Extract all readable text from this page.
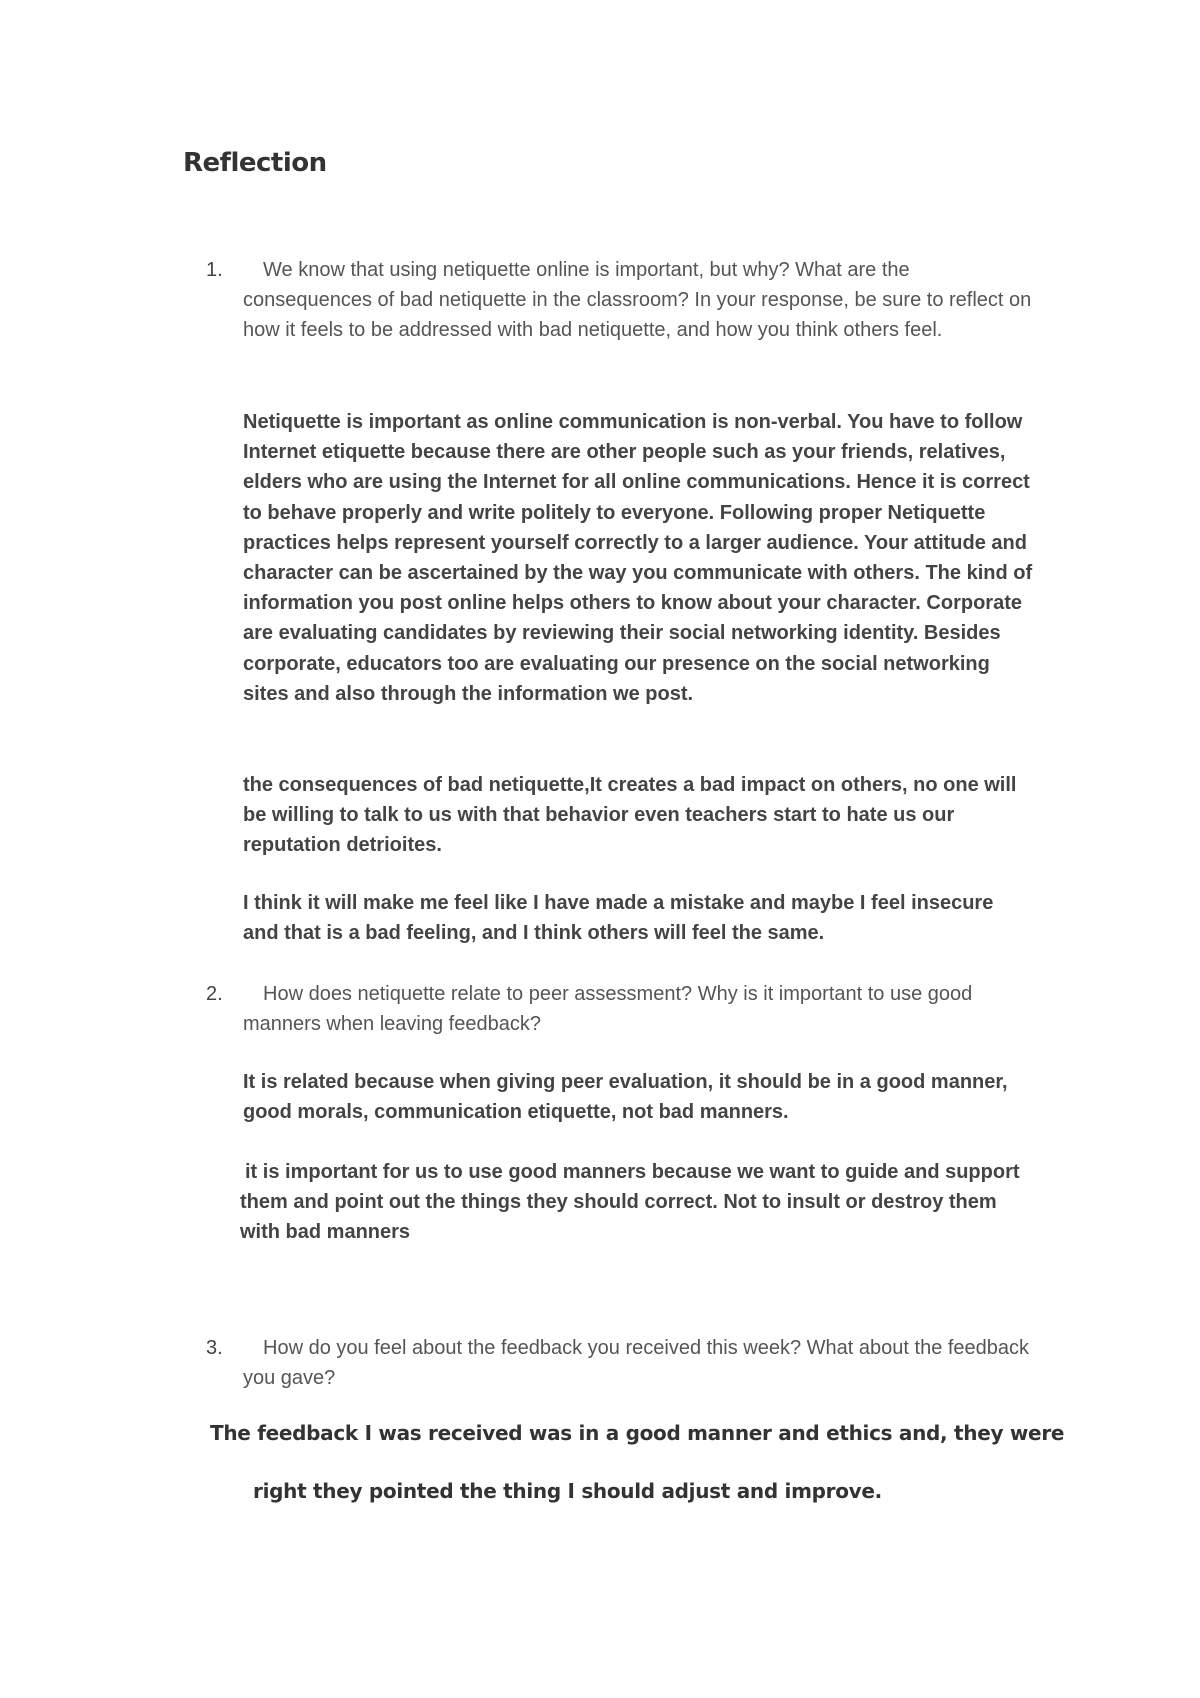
Reflection
1.	We know that using netiquette online is important, but why? What are the consequences of bad netiquette in the classroom? In your response, be sure to reflect on how it feels to be addressed with bad netiquette, and how you think others feel.

Netiquette is important as online communication is non-verbal. You have to follow Internet etiquette because there are other people such as your friends, relatives, elders who are using the Internet for all online communications. Hence it is correct to behave properly and write politely to everyone. Following proper Netiquette practices helps represent yourself correctly to a larger audience. Your attitude and character can be ascertained by the way you communicate with others. The kind of information you post online helps others to know about your character. Corporate are evaluating candidates by reviewing their social networking identity. Besides corporate, educators too are evaluating our presence on the social networking sites and also through the information we post.

the consequences of bad netiquette,It creates a bad impact on others, no one will be willing to talk to us with that behavior even teachers start to hate us our reputation detrioites.

I think it will make me feel like I have made a mistake and maybe I feel insecure and that is a bad feeling, and I think others will feel the same.

2.	How does netiquette relate to peer assessment? Why is it important to use good manners when leaving feedback?

It is related because when giving peer evaluation, it should be in a good manner, good morals, communication etiquette, not bad manners.

it is important for us to use good manners because we want to guide and support them and point out the things they should correct. Not to insult or destroy them with bad manners

3.	How do you feel about the feedback you received this week? What about the feedback you gave?

The feedback I was received was in a good manner and ethics and, they were

right they pointed the thing I should adjust and improve.
